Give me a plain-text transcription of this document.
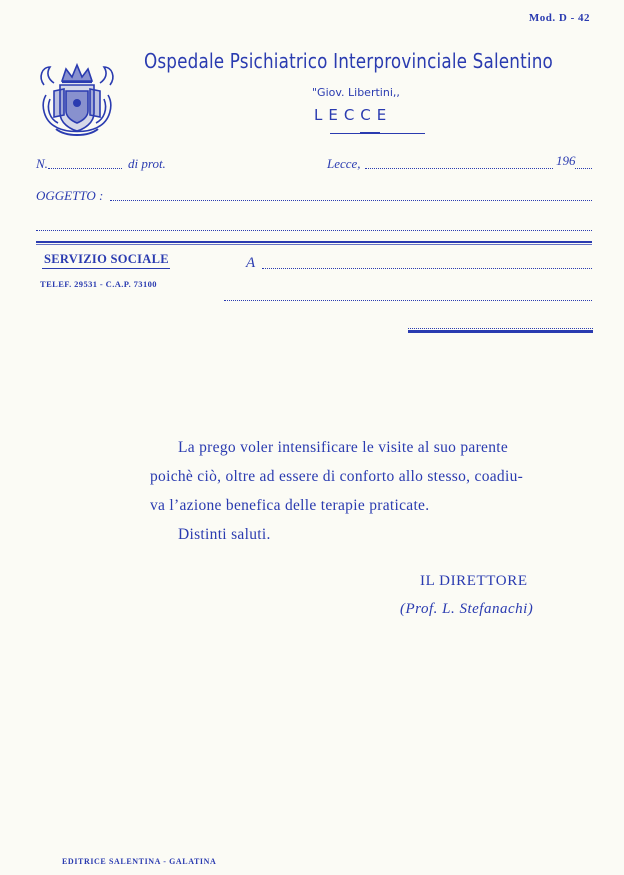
Mod. D - 42
Ospedale Psichiatrico Interprovinciale Salentino
"Giov. Libertini,,
LECCE
N.	di prot.	Lecce,	196
OGGETTO :
SERVIZIO SOCIALE
TELEF. 29531 - C.A.P. 73100
A

La prego voler intensificare le visite al suo parente

poichè ciò, oltre ad essere di conforto allo stesso, coadiu-

va l’azione benefica delle terapie praticate.

Distinti saluti.

IL DIRETTORE
(Prof. L. Stefanachi)
EDITRICE SALENTINA - GALATINA
